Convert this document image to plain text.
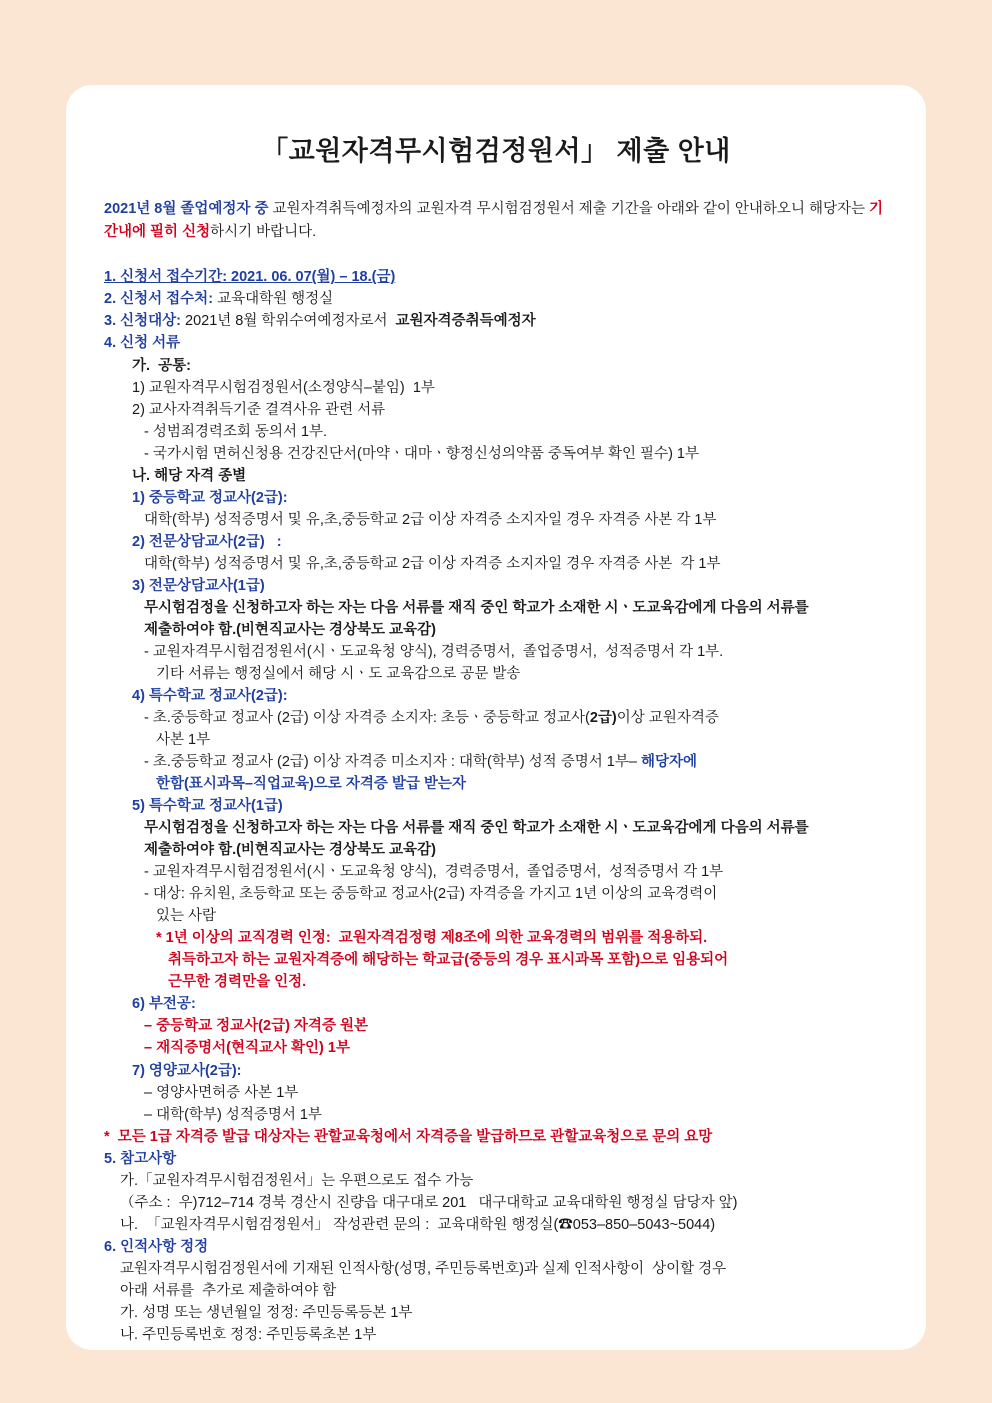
「교원자격무시험검정원서」 제출 안내
2021년 8월 졸업예정자 중 교원자격취득예정자의 교원자격 무시험검정원서 제출 기간을 아래와 같이 안내하오니 해당자는 기간내에 필히 신청하시기 바랍니다.
1. 신청서 접수기간: 2021. 06. 07(월) – 18.(금)
2. 신청서 접수처: 교육대학원 행정실
3. 신청대상: 2021년 8월 학위수여예정자로서  교원자격증취득예정자
4. 신청 서류
가.  공통:
1) 교원자격무시험검정원서(소정양식–붙임)  1부
2) 교사자격취득기준 결격사유 관련 서류
- 성범죄경력조회 동의서 1부.
- 국가시험 면허신청용 건강진단서(마약ㆍ대마ㆍ향정신성의약품 중독여부 확인 필수) 1부
나. 해당 자격 종별
1) 중등학교 정교사(2급):
대학(학부) 성적증명서 및 유,초,중등학교 2급 이상 자격증 소지자일 경우 자격증 사본 각 1부
2) 전문상담교사(2급)   :
대학(학부) 성적증명서 및 유,초,중등학교 2급 이상 자격증 소지자일 경우 자격증 사본  각 1부
3) 전문상담교사(1급)
무시험검정을 신청하고자 하는 자는 다음 서류를 재직 중인 학교가 소재한 시ㆍ도교육감에게 다음의 서류를
제출하여야 함.(비현직교사는 경상북도 교육감)
- 교원자격무시험검정원서(시ㆍ도교육청 양식), 경력증명서,  졸업증명서,  성적증명서 각 1부.
기타 서류는 행정실에서 해당 시ㆍ도 교육감으로 공문 발송
4) 특수학교 정교사(2급):
- 초.중등학교 정교사 (2급) 이상 자격증 소지자: 초등ㆍ중등학교 정교사(2급)이상 교원자격증
사본 1부
- 초.중등학교 정교사 (2급) 이상 자격증 미소지자 : 대학(학부) 성적 증명서 1부– 해당자에
한함(표시과목–직업교육)으로 자격증 발급 받는자
5) 특수학교 정교사(1급)
무시험검정을 신청하고자 하는 자는 다음 서류를 재직 중인 학교가 소재한 시ㆍ도교육감에게 다음의 서류를
제출하여야 함.(비현직교사는 경상북도 교육감)
- 교원자격무시험검정원서(시ㆍ도교육청 양식),  경력증명서,  졸업증명서,  성적증명서 각 1부
- 대상: 유치원, 초등학교 또는 중등학교 정교사(2급) 자격증을 가지고 1년 이상의 교육경력이
있는 사람
* 1년 이상의 교직경력 인정:  교원자격검정령 제8조에 의한 교육경력의 범위를 적용하되.
취득하고자 하는 교원자격증에 해당하는 학교급(중등의 경우 표시과목 포함)으로 임용되어
근무한 경력만을 인정.
6) 부전공:
– 중등학교 정교사(2급) 자격증 원본
– 재직증명서(현직교사 확인) 1부
7) 영양교사(2급):
– 영양사면허증 사본 1부
– 대학(학부) 성적증명서 1부
*  모든 1급 자격증 발급 대상자는 관할교육청에서 자격증을 발급하므로 관할교육청으로 문의 요망
5. 참고사항
가.「교원자격무시험검정원서」는 우편으로도 접수 가능
（주소 :  우)712–714 경북 경산시 진량읍 대구대로 201   대구대학교 교육대학원 행정실 담당자 앞)
나.  「교원자격무시험검정원서」 작성관련 문의 :  교육대학원 행정실(☎053–850–5043~5044)
6. 인적사항 정정
교원자격무시험검정원서에 기재된 인적사항(성명, 주민등록번호)과 실제 인적사항이  상이할 경우
아래 서류를  추가로 제출하여야 함
가. 성명 또는 생년월일 정정: 주민등록등본 1부
나. 주민등록번호 정정: 주민등록초본 1부
